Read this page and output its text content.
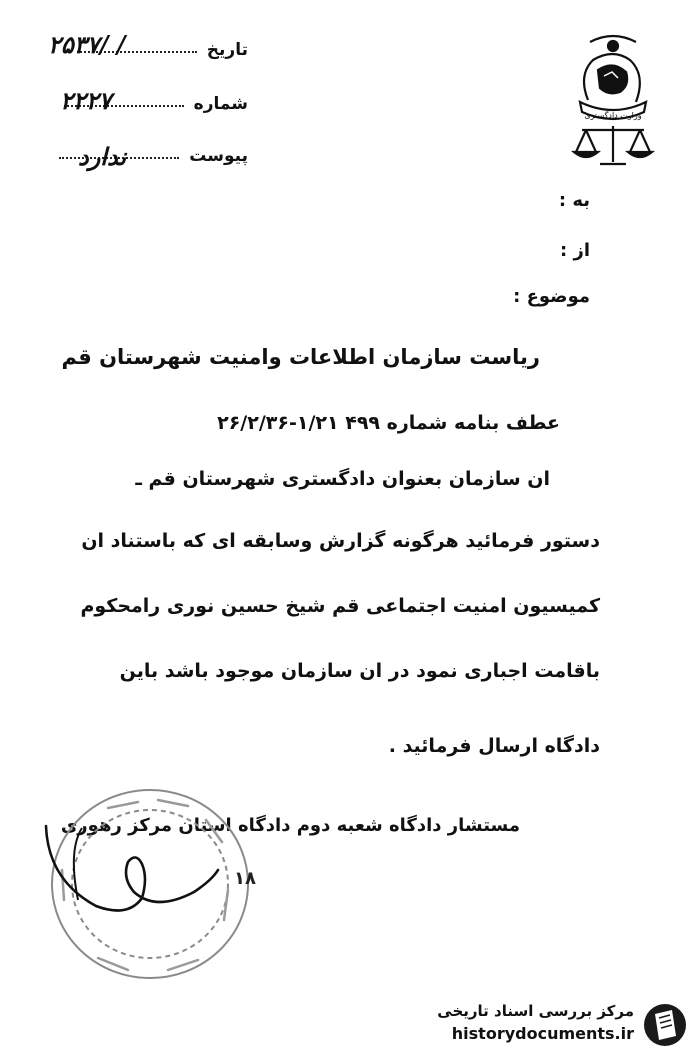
تاریخ
۲۵۳۷/ /
شماره
۲۲۲۷
پیوست
ندارد
وزارت دادگستری
به :
از :
موضوع :
ریاست سازمان اطلاعات وامنیت شهرستان قم
عطف بنامه شماره ۴۹۹ ۱/۲۱-۲۶/۲/۳۶
ان سازمان بعنوان دادگستری شهرستان قم ـ
دستور فرمائید هرگونه گزارش وسابقه ای که باستناد ان
کمیسیون امنیت اجتماعی قم شیخ حسین نوری رامحکوم
باقامت اجباری نمود در ان سازمان موجود باشد باین
دادگاه ارسال فرمائید .
مستشار دادگاه شعبه دوم دادگاه استان مرکز رهوری
۱۸
مرکز بررسی اسناد تاریخی
historydocuments.ir
